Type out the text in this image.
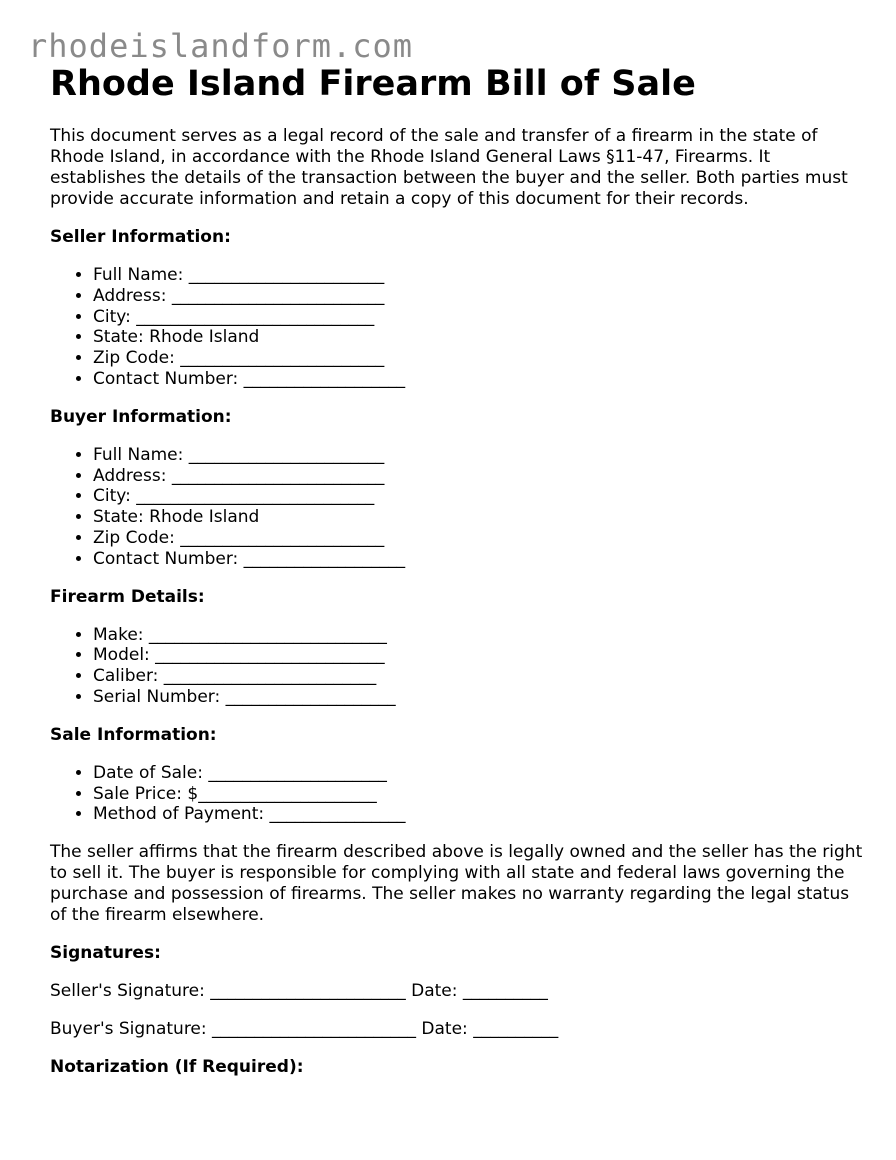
rhodeislandform.com
Rhode Island Firearm Bill of Sale

This document serves as a legal record of the sale and transfer of a firearm in the state of Rhode Island, in accordance with the Rhode Island General Laws §11-47, Firearms. It establishes the details of the transaction between the buyer and the seller. Both parties must provide accurate information and retain a copy of this document for their records.

Seller Information:
• Full Name: _______________________
• Address: _________________________
• City: ____________________________
• State: Rhode Island
• Zip Code: ________________________
• Contact Number: ___________________
Buyer Information:
• Full Name: _______________________
• Address: _________________________
• City: ____________________________
• State: Rhode Island
• Zip Code: ________________________
• Contact Number: ___________________
Firearm Details:
• Make: ____________________________
• Model: ___________________________
• Caliber: _________________________
• Serial Number: ____________________
Sale Information:
• Date of Sale: _____________________
• Sale Price: $_____________________
• Method of Payment: ________________

The seller affirms that the firearm described above is legally owned and the seller has the right to sell it. The buyer is responsible for complying with all state and federal laws governing the purchase and possession of firearms. The seller makes no warranty regarding the legal status of the firearm elsewhere.

Signatures:

Seller's Signature: _______________________ Date: __________

Buyer's Signature: ________________________ Date: __________

Notarization (If Required):
